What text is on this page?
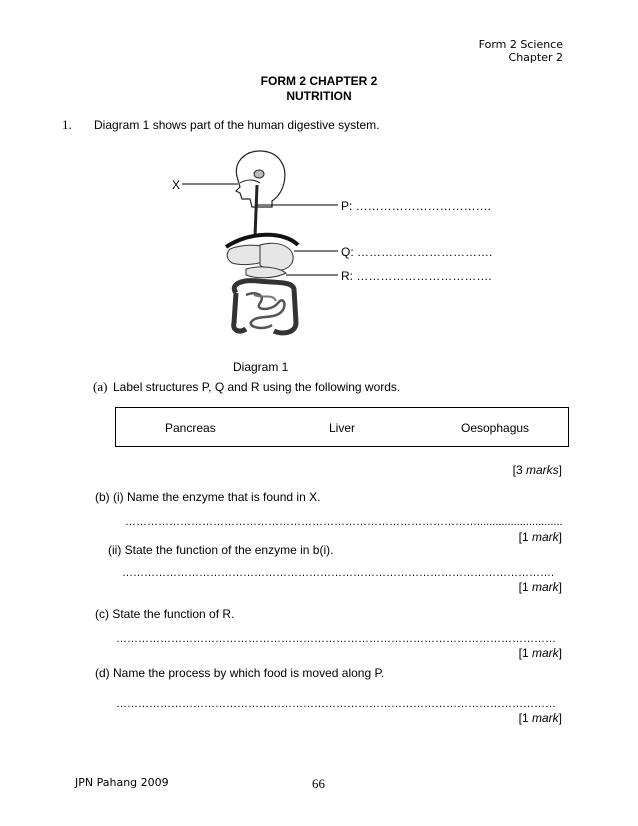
Form 2 Science
Chapter 2
FORM 2 CHAPTER 2
NUTRITION
1. Diagram 1 shows part of the human digestive system.
X
P: …………………………….
Q: …………………………….
R: …………………………….
Diagram 1
(a) Label structures P, Q and R using the following words.
Pancreas	Liver	Oesophagus
[3 marks]
(b) (i) Name the enzyme that is found in X.
……………………………………………………………………………………............................
[1 mark]
(ii) State the function of the enzyme in b(i).
……………………………………………………………………………………………………….
[1 mark]
(c) State the function of R.
…………………………………………………………………………………………………………
[1 mark]
(d) Name the process by which food is moved along P.
…………………………………………………………………………………………………………
[1 mark]
JPN Pahang 2009	66
